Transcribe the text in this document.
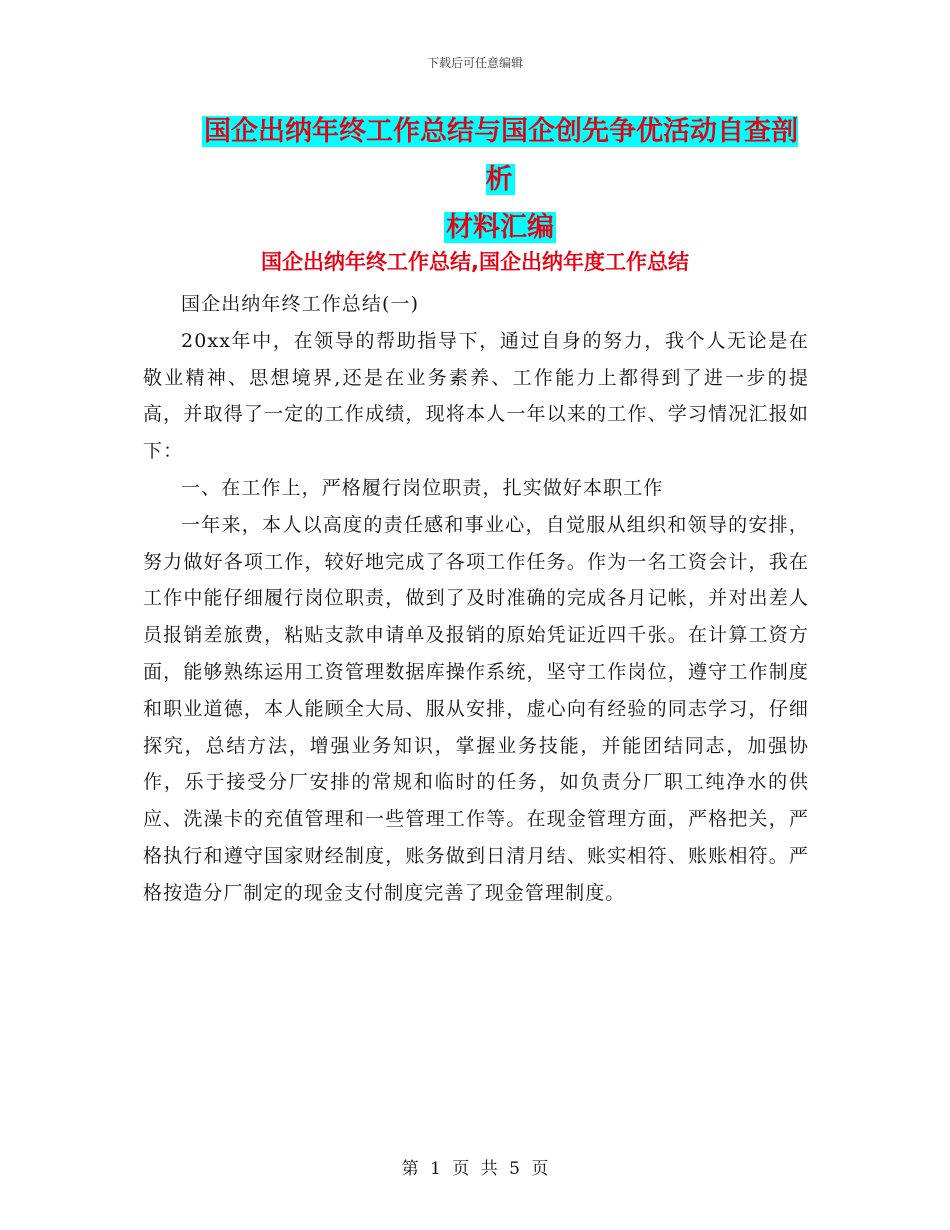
下载后可任意编辑
国企出纳年终工作总结与国企创先争优活动自查剖析
材料汇编
国企出纳年终工作总结,国企出纳年度工作总结

国企出纳年终工作总结(一)

20xx年中，在领导的帮助指导下，通过自身的努力，我个人无论是在敬业精神、思想境界,还是在业务素养、工作能力上都得到了进一步的提高，并取得了一定的工作成绩，现将本人一年以来的工作、学习情况汇报如下：

一、在工作上，严格履行岗位职责，扎实做好本职工作

一年来，本人以高度的责任感和事业心，自觉服从组织和领导的安排，努力做好各项工作，较好地完成了各项工作任务。作为一名工资会计，我在工作中能仔细履行岗位职责，做到了及时准确的完成各月记帐，并对出差人员报销差旅费，粘贴支款申请单及报销的原始凭证近四千张。在计算工资方面，能够熟练运用工资管理数据库操作系统，坚守工作岗位，遵守工作制度和职业道德，本人能顾全大局、服从安排，虚心向有经验的同志学习，仔细探究，总结方法，增强业务知识，掌握业务技能，并能团结同志，加强协作，乐于接受分厂安排的常规和临时的任务，如负责分厂职工纯净水的供应、洗澡卡的充值管理和一些管理工作等。在现金管理方面，严格把关，严格执行和遵守国家财经制度，账务做到日清月结、账实相符、账账相符。严格按造分厂制定的现金支付制度完善了现金管理制度。

第 1 页 共 5 页
